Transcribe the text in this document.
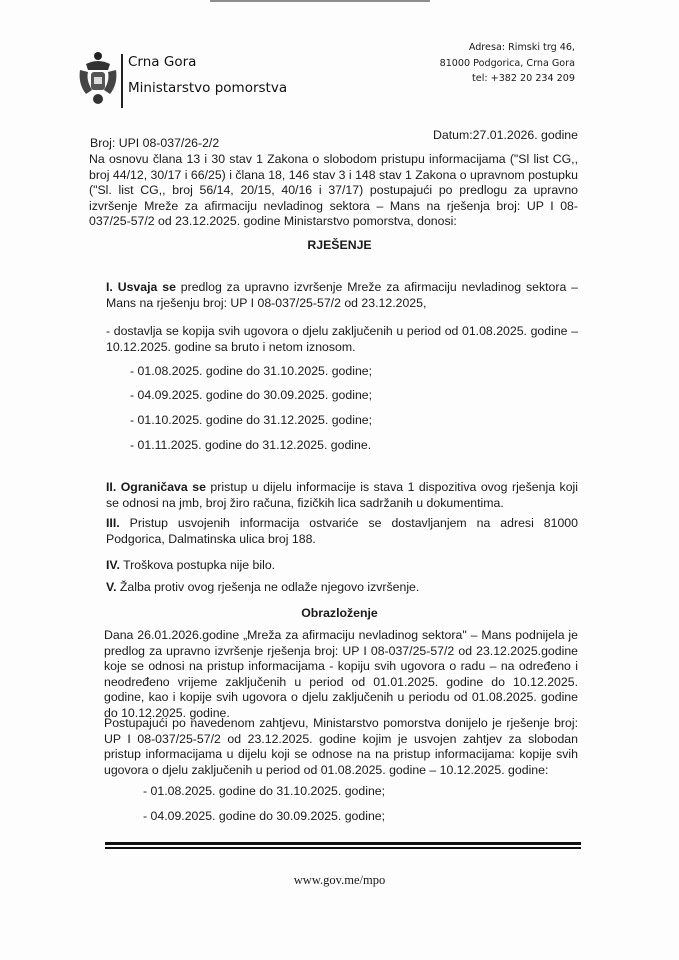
Crna Gora
Ministarstvo pomorstva
Adresa: Rimski trg 46,
81000 Podgorica, Crna Gora
tel: +382 20 234 209
Broj: UPI 08-037/26-2/2
Datum:27.01.2026. godine
Na osnovu člana 13 i 30 stav 1 Zakona o slobodom pristupu informacijama ("Sl list CG,, broj 44/12, 30/17 i 66/25) i člana 18, 146 stav 3 i 148 stav 1 Zakona o upravnom postupku ("Sl. list CG,, broj 56/14, 20/15, 40/16 i 37/17) postupajući po predlogu za upravno izvršenje Mreže za afirmaciju nevladinog sektora – Mans na rješenja broj: UP I 08-037/25-57/2 od 23.12.2025. godine Ministarstvo pomorstva, donosi:
RJEŠENJE
I. Usvaja se predlog za upravno izvršenje Mreže za afirmaciju nevladinog sektora – Mans na rješenju broj: UP I 08-037/25-57/2 od 23.12.2025,
- dostavlja se kopija svih ugovora o djelu zaključenih u period od 01.08.2025. godine – 10.12.2025. godine sa bruto i netom iznosom.
- 01.08.2025. godine do 31.10.2025. godine;
- 04.09.2025. godine do 30.09.2025. godine;
- 01.10.2025. godine do 31.12.2025. godine;
- 01.11.2025. godine do 31.12.2025. godine.
II. Ograničava se pristup u dijelu informacije is stava 1 dispozitiva ovog rješenja koji se odnosi na jmb, broj žiro računa, fizičkih lica sadržanih u dokumentima.
III. Pristup usvojenih informacija ostvariće se dostavljanjem na adresi 81000 Podgorica, Dalmatinska ulica broj 188.
IV. Troškova postupka nije bilo.
V. Žalba protiv ovog rješenja ne odlaže njegovo izvršenje.
Obrazloženje
Dana 26.01.2026.godine „Mreža za afirmaciju nevladinog sektora" – Mans podnijela je predlog za upravno izvršenje rješenja broj: UP I 08-037/25-57/2 od 23.12.2025.godine koje se odnosi na pristup informacijama - kopiju svih ugovora o radu – na određeno i neodređeno vrijeme zaključenih u period od 01.01.2025. godine do 10.12.2025. godine, kao i kopije svih ugovora o djelu zaključenih u periodu od 01.08.2025. godine do 10.12.2025. godine.
Postupajući po navedenom zahtjevu, Ministarstvo pomorstva donijelo je rješenje broj: UP I 08-037/25-57/2 od 23.12.2025. godine kojim je usvojen zahtjev za slobodan pristup informacijama u dijelu koji se odnose na na pristup informacijama: kopije svih ugovora o djelu zaključenih u period od 01.08.2025. godine – 10.12.2025. godine:
- 01.08.2025. godine do 31.10.2025. godine;
- 04.09.2025. godine do 30.09.2025. godine;
www.gov.me/mpo
